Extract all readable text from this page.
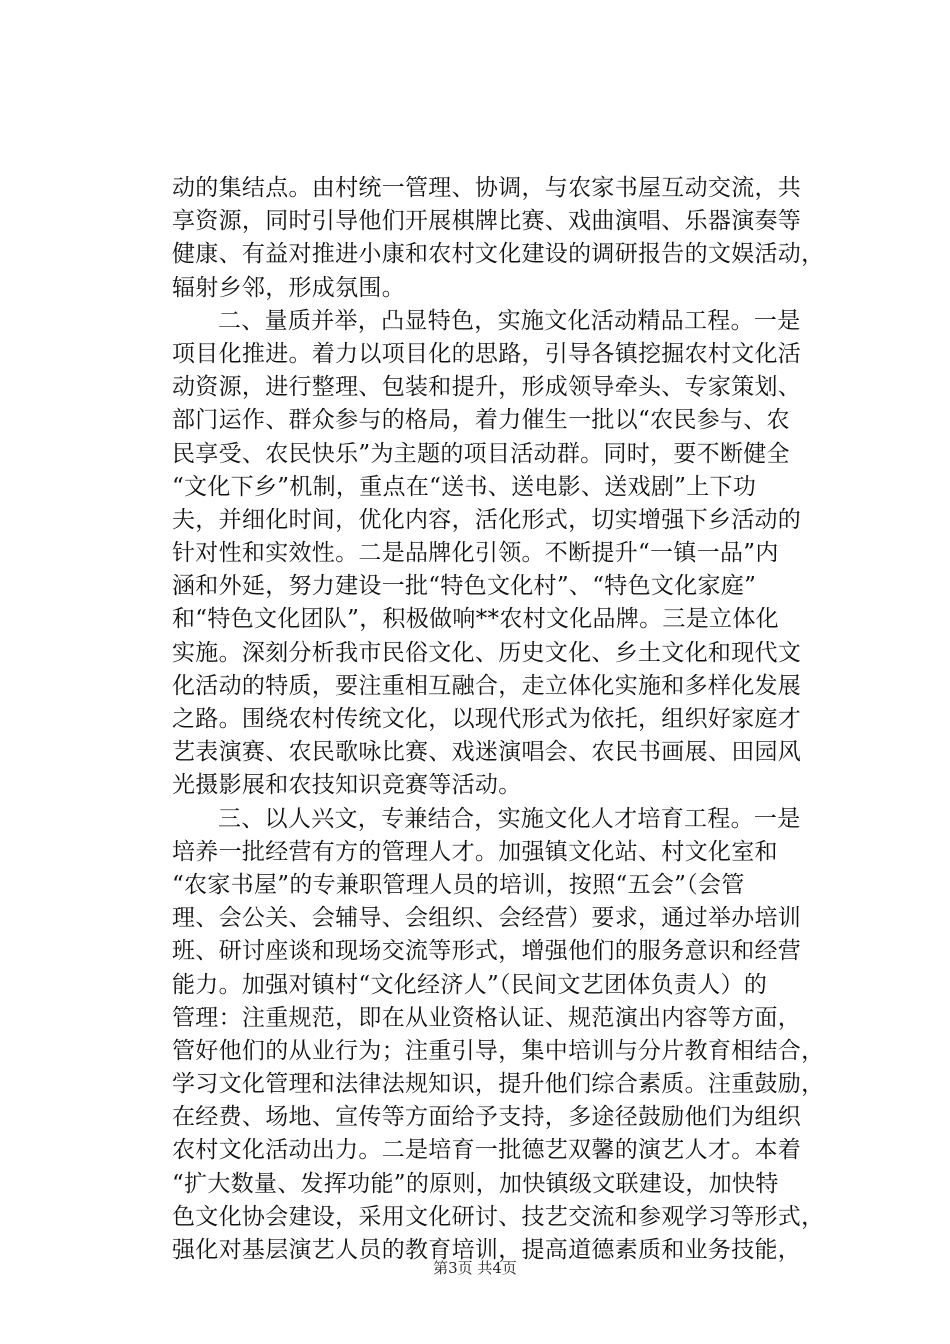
动的集结点。由村统一管理、协调，与农家书屋互动交流，共
享资源，同时引导他们开展棋牌比赛、戏曲演唱、乐器演奏等
健康、有益对推进小康和农村文化建设的调研报告的文娱活动，
辐射乡邻，形成氛围。
二、量质并举，凸显特色，实施文化活动精品工程。一是
项目化推进。着力以项目化的思路，引导各镇挖掘农村文化活
动资源，进行整理、包装和提升，形成领导牵头、专家策划、
部门运作、群众参与的格局，着力催生一批以“农民参与、农
民享受、农民快乐”为主题的项目活动群。同时，要不断健全
“文化下乡”机制，重点在“送书、送电影、送戏剧”上下功
夫，并细化时间，优化内容，活化形式，切实增强下乡活动的
针对性和实效性。二是品牌化引领。不断提升“一镇一品”内
涵和外延，努力建设一批“特色文化村”、“特色文化家庭”
和“特色文化团队”，积极做响**农村文化品牌。三是立体化
实施。深刻分析我市民俗文化、历史文化、乡土文化和现代文
化活动的特质，要注重相互融合，走立体化实施和多样化发展
之路。围绕农村传统文化，以现代形式为依托，组织好家庭才
艺表演赛、农民歌咏比赛、戏迷演唱会、农民书画展、田园风
光摄影展和农技知识竞赛等活动。
三、以人兴文，专兼结合，实施文化人才培育工程。一是
培养一批经营有方的管理人才。加强镇文化站、村文化室和
“农家书屋”的专兼职管理人员的培训，按照“五会”（会管
理、会公关、会辅导、会组织、会经营）要求，通过举办培训
班、研讨座谈和现场交流等形式，增强他们的服务意识和经营
能力。加强对镇村“文化经济人”（民间文艺团体负责人）的
管理：注重规范，即在从业资格认证、规范演出内容等方面，
管好他们的从业行为；注重引导，集中培训与分片教育相结合，
学习文化管理和法律法规知识，提升他们综合素质。注重鼓励，
在经费、场地、宣传等方面给予支持，多途径鼓励他们为组织
农村文化活动出力。二是培育一批德艺双馨的演艺人才。本着
“扩大数量、发挥功能”的原则，加快镇级文联建设，加快特
色文化协会建设，采用文化研讨、技艺交流和参观学习等形式，
强化对基层演艺人员的教育培训，提高道德素质和业务技能，
第3页 共4页
